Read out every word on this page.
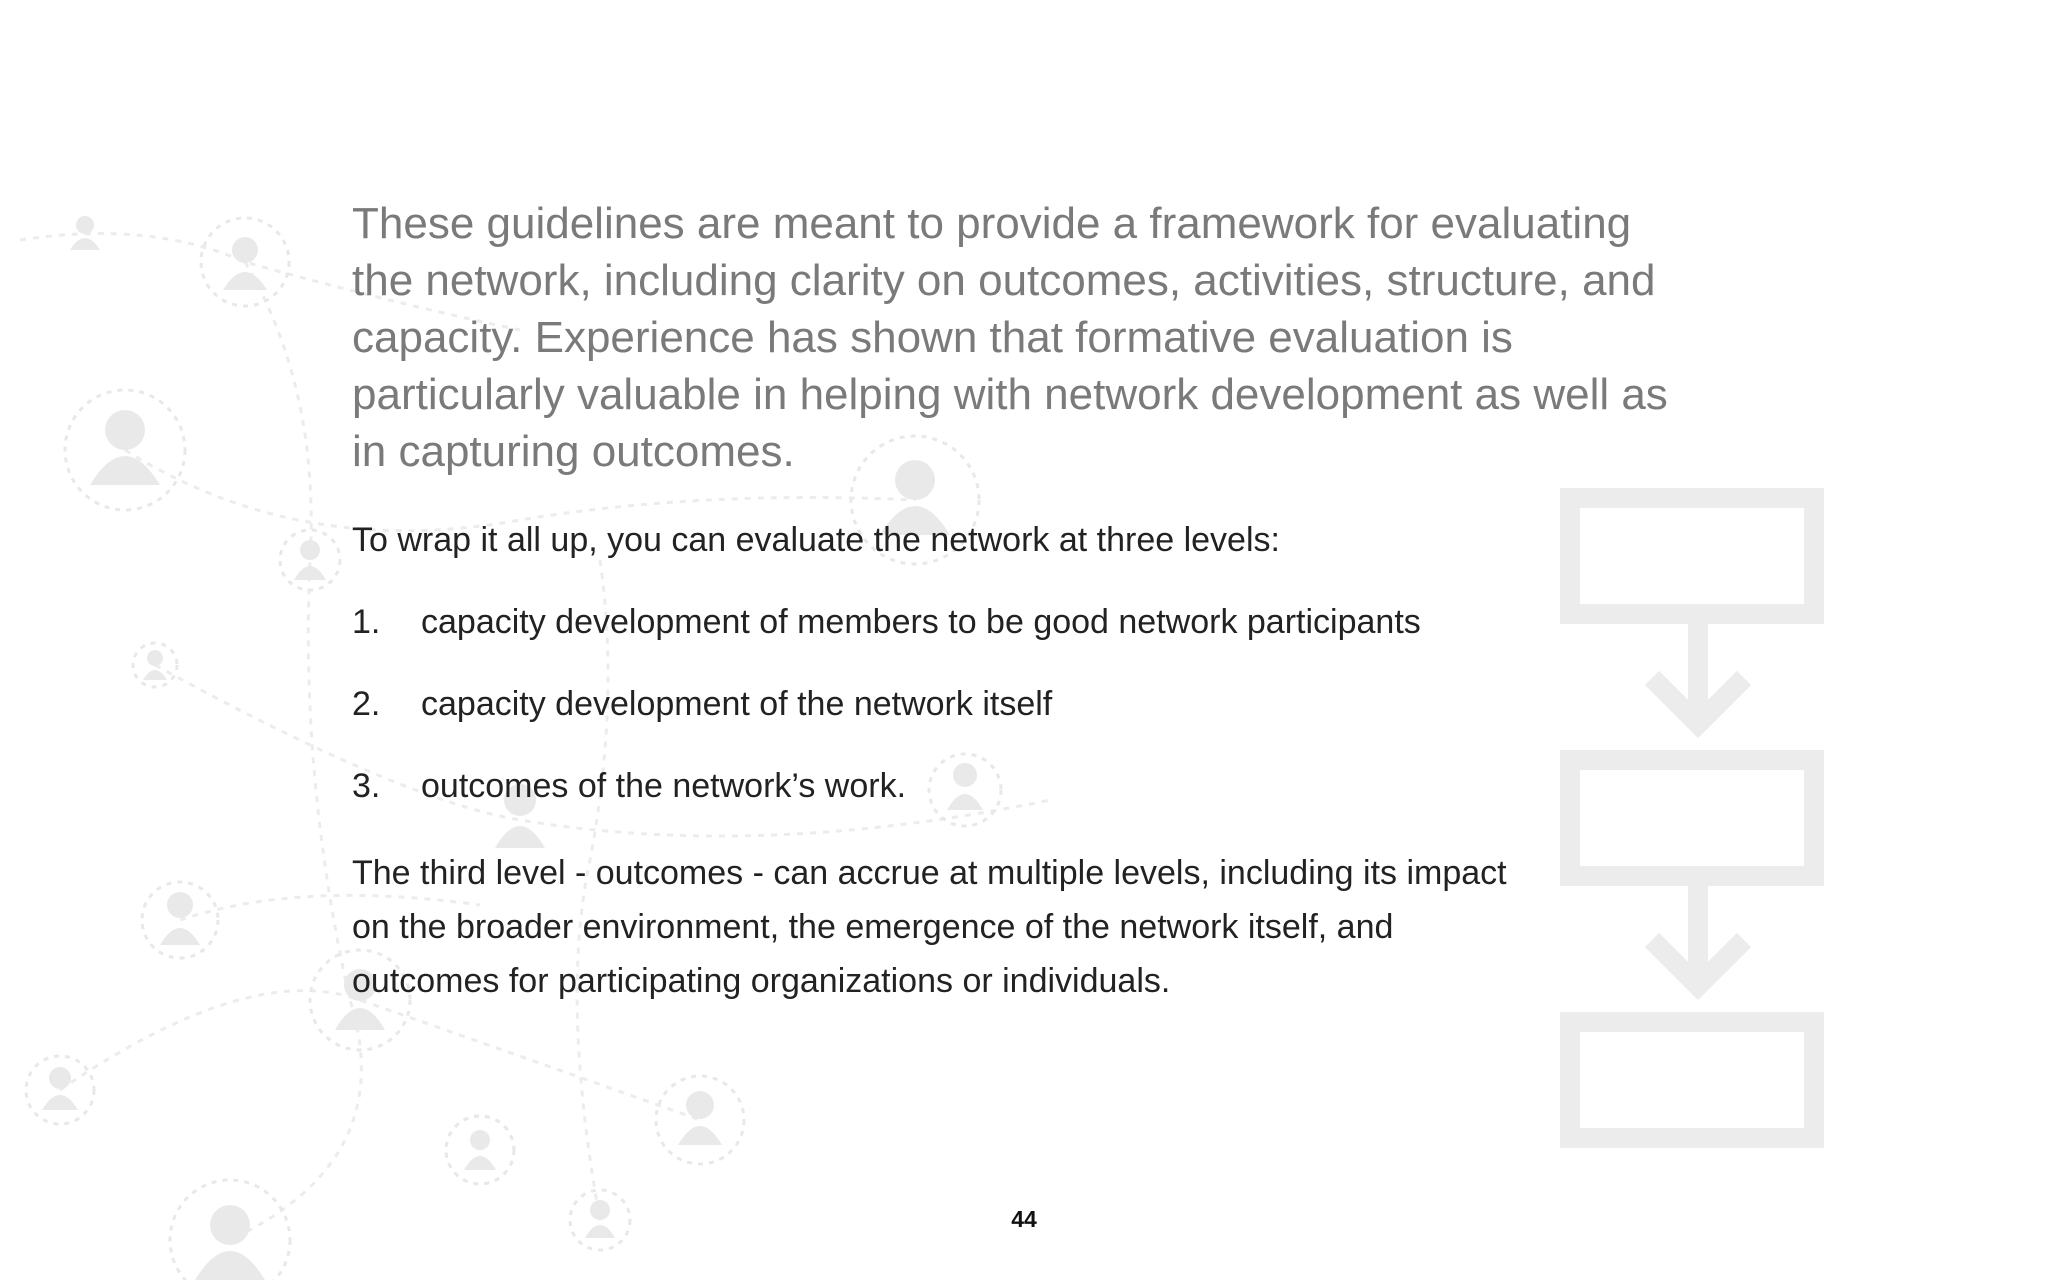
These guidelines are meant to provide a framework for evaluating the network, including clarity on outcomes, activities, structure, and capacity. Experience has shown that formative evaluation is particularly valuable in helping with network development as well as in capturing outcomes.

To wrap it all up, you can evaluate the network at three levels:

1.	capacity development of members to be good network participants
2.	capacity development of the network itself
3.	outcomes of the network’s work.

The third level - outcomes - can accrue at multiple levels, including its impact on the broader environment, the emergence of the network itself, and outcomes for participating organizations or individuals.

44
